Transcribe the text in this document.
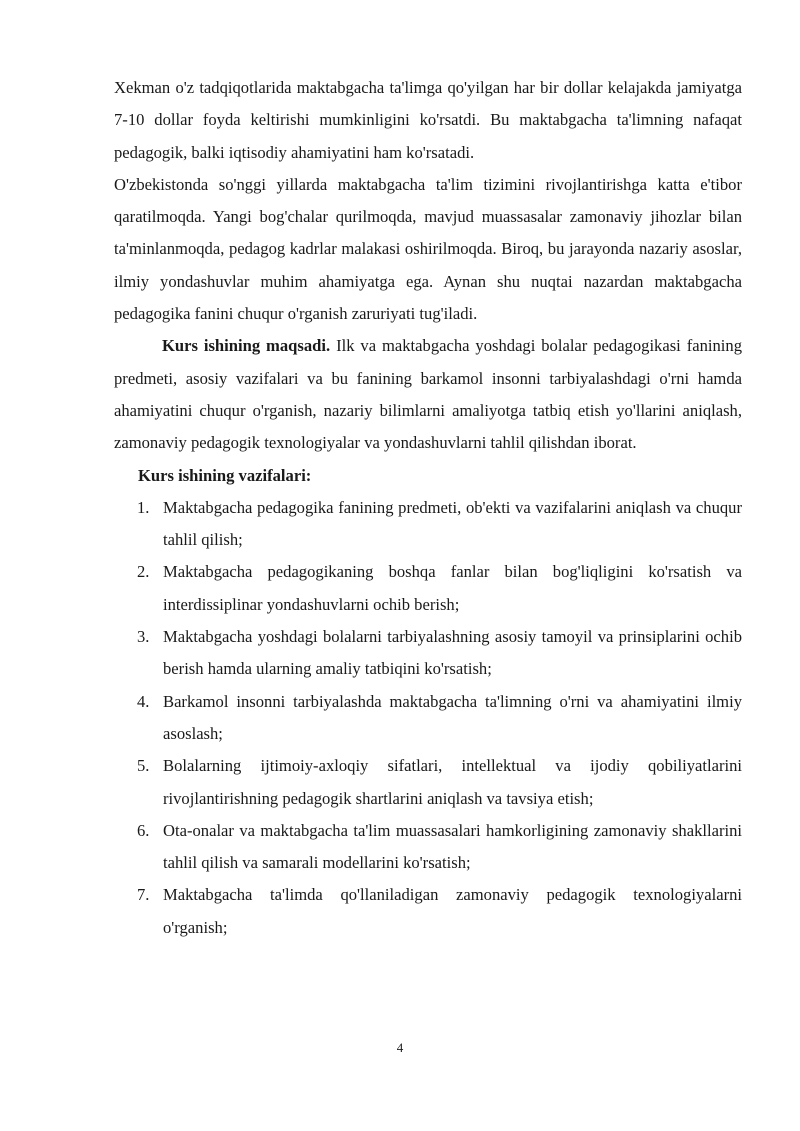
Xekman o'z tadqiqotlarida maktabgacha ta'limga qo'yilgan har bir dollar kelajakda jamiyatga 7-10 dollar foyda keltirishi mumkinligini ko'rsatdi. Bu maktabgacha ta'limning nafaqat pedagogik, balki iqtisodiy ahamiyatini ham ko'rsatadi.

O'zbekistonda so'nggi yillarda maktabgacha ta'lim tizimini rivojlantirishga katta e'tibor qaratilmoqda. Yangi bog'chalar qurilmoqda, mavjud muassasalar zamonaviy jihozlar bilan ta'minlanmoqda, pedagog kadrlar malakasi oshirilmoqda. Biroq, bu jarayonda nazariy asoslar, ilmiy yondashuvlar muhim ahamiyatga ega. Aynan shu nuqtai nazardan maktabgacha pedagogika fanini chuqur o'rganish zaruriyati tug'iladi.

Kurs ishining maqsadi. Ilk va maktabgacha yoshdagi bolalar pedagogikasi fanining predmeti, asosiy vazifalari va bu fanining barkamol insonni tarbiyalashdagi o'rni hamda ahamiyatini chuqur o'rganish, nazariy bilimlarni amaliyotga tatbiq etish yo'llarini aniqlash, zamonaviy pedagogik texnologiyalar va yondashuvlarni tahlil qilishdan iborat.

Kurs ishining vazifalari:

1. Maktabgacha pedagogika fanining predmeti, ob'ekti va vazifalarini aniqlash va chuqur tahlil qilish;
2. Maktabgacha pedagogikaning boshqa fanlar bilan bog'liqligini ko'rsatish va interdissiplinar yondashuvlarni ochib berish;
3. Maktabgacha yoshdagi bolalarni tarbiyalashning asosiy tamoyil va prinsiplarini ochib berish hamda ularning amaliy tatbiqini ko'rsatish;
4. Barkamol insonni tarbiyalashda maktabgacha ta'limning o'rni va ahamiyatini ilmiy asoslash;
5. Bolalarning ijtimoiy-axloqiy sifatlari, intellektual va ijodiy qobiliyatlarini rivojlantirishning pedagogik shartlarini aniqlash va tavsiya etish;
6. Ota-onalar va maktabgacha ta'lim muassasalari hamkorligining zamonaviy shakllarini tahlil qilish va samarali modellarini ko'rsatish;
7. Maktabgacha ta'limda qo'llaniladigan zamonaviy pedagogik texnologiyalarni o'rganish;
4
